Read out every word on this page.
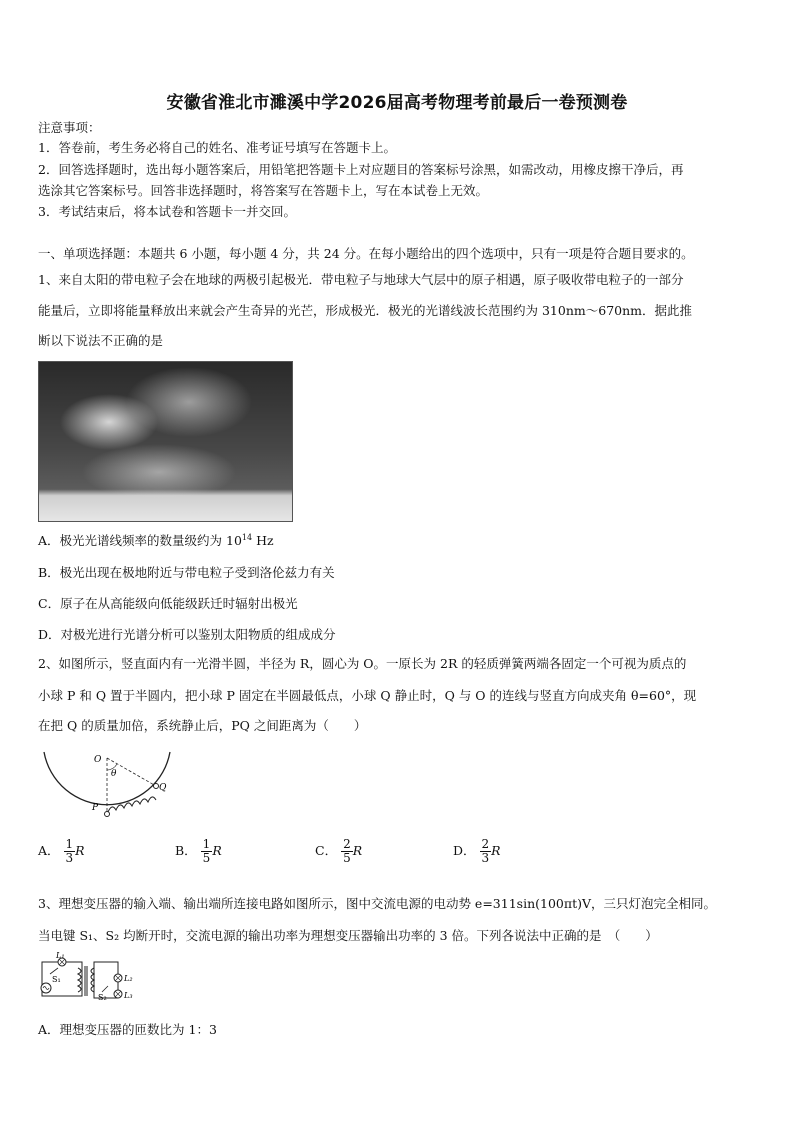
安徽省淮北市濉溪中学2026届高考物理考前最后一卷预测卷
注意事项：
1．答卷前，考生务必将自己的姓名、准考证号填写在答题卡上。
2．回答选择题时，选出每小题答案后，用铅笔把答题卡上对应题目的答案标号涂黑，如需改动，用橡皮擦干净后，再
选涂其它答案标号。回答非选择题时，将答案写在答题卡上，写在本试卷上无效。
3．考试结束后，将本试卷和答题卡一并交回。
一、单项选择题：本题共 6 小题，每小题 4 分，共 24 分。在每小题给出的四个选项中，只有一项是符合题目要求的。
1、来自太阳的带电粒子会在地球的两极引起极光．带电粒子与地球大气层中的原子相遇，原子吸收带电粒子的一部分
能量后，立即将能量释放出来就会产生奇异的光芒，形成极光．极光的光谱线波长范围约为 310nm～670nm．据此推
断以下说法不正确的是
A．极光光谱线频率的数量级约为 $10^{14}$ Hz
B．极光出现在极地附近与带电粒子受到洛伦兹力有关
C．原子在从高能级向低能级跃迁时辐射出极光
D．对极光进行光谱分析可以鉴别太阳物质的组成成分
2、如图所示，竖直面内有一光滑半圆，半径为 R，圆心为 O。一原长为 2R 的轻质弹簧两端各固定一个可视为质点的
小球 P 和 Q 置于半圆内，把小球 P 固定在半圆最低点，小球 Q 静止时，Q 与 O 的连线与竖直方向成夹角 θ=60°，现
在把 Q 的质量加倍，系统静止后，PQ 之间距离为（　　）
O
θ
Q
P
A． $\frac{1}{3}$ R	B． $\frac{1}{5}$ R	C． $\frac{2}{5}$ R	D． $\frac{2}{3}$ R
3、理想变压器的输入端、输出端所连接电路如图所示，图中交流电源的电动势 e=311sin(100πt)V，三只灯泡完全相同。
当电键 S₁、S₂ 均断开时，交流电源的输出功率为理想变压器输出功率的 3 倍。下列各说法中正确的是　（　　）
L₁
S₁	L₂
S₂ L₃
A．理想变压器的匝数比为 1：3
